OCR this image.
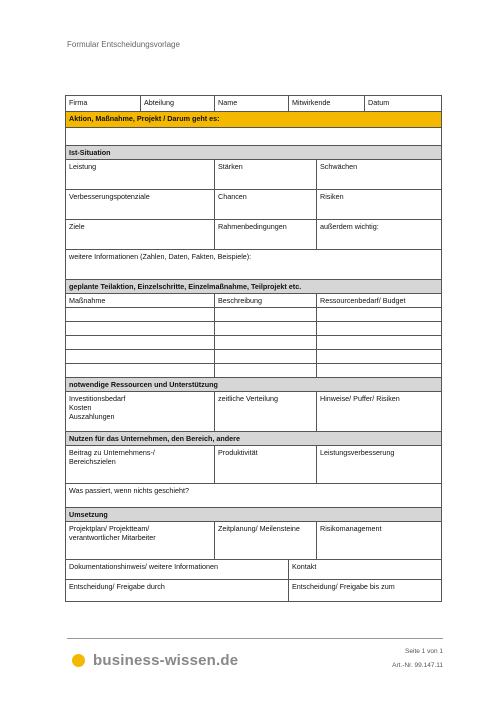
Formular Entscheidungsvorlage
Firma	Abteilung	Name	Mitwirkende		Datum
Aktion, Maßnahme, Projekt / Darum geht es:					

Ist-Situation					
Leistung		Stärken		Schwächen	
Verbesserungspotenziale		Chancen		Risiken	
Ziele		Rahmenbedingungen		außerdem wichtig:	
weitere Informationen (Zahlen, Daten, Fakten, Beispiele):					
geplante Teilaktion, Einzelschritte, Einzelmaßnahme, Teilprojekt etc.					
Maßnahme		Beschreibung		Ressourcenbedarf/ Budget	

notwendige Ressourcen und Unterstützung					

Investitionsbedarf
Kosten
Auszahlungen		zeitliche Verteilung		Hinweise/ Puffer/ Risiken	
Nutzen für das Unternehmen, den Bereich, andere					

Beitrag zu Unternehmens-/
Bereichszielen		Produktivität		Leistungsverbesserung	
Was passiert, wenn nichts geschieht?					
Umsetzung					

Projektplan/ Projektteam/
verantwortlicher Mitarbeiter		Zeitplanung/ Meilensteine		Risikomanagement	
Dokumentationshinweis/ weitere Informationen			Kontakt		
Entscheidung/ Freigabe durch			Entscheidung/ Freigabe bis zum		
business-wissen.de
Seite 1 von 1
Art.-Nr. 99.147.11
